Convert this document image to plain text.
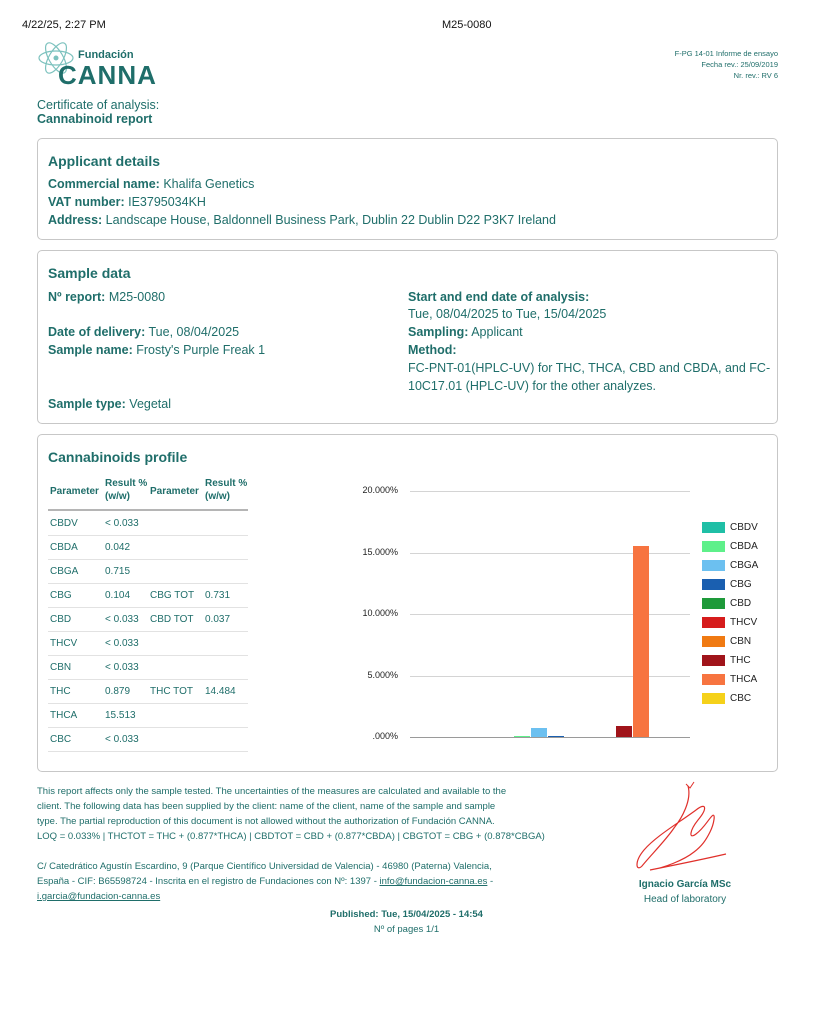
4/22/25, 2:27 PM	M25-0080
Fundación
CANNA
F-PG 14-01 Informe de ensayo
Fecha rev.: 25/09/2019
Nr. rev.: RV 6
Certificate of analysis:
Cannabinoid report
Applicant details
Commercial name: Khalifa Genetics
VAT number: IE3795034KH
Address: Landscape House, Baldonnell Business Park, Dublin 22 Dublin D22 P3K7 Ireland
Sample data
Nº report: M25-0080
Date of delivery: Tue, 08/04/2025
Sample name: Frosty's Purple Freak 1
Sample type: Vegetal
Start and end date of analysis:
Tue, 08/04/2025 to Tue, 15/04/2025
Sampling: Applicant
Method:
FC-PNT-01(HPLC-UV) for THC, THCA, CBD and CBDA, and FC-
10C17.01 (HPLC-UV) for the other analyzes.
Cannabinoids profile
Parameter
Result %
(w/w)	Parameter
Result %
(w/w)
CBDV	< 0.033
CBDA	0.042
CBGA	0.715
CBG	0.104 CBG TOT 0.731
CBD	< 0.033 CBD TOT 0.037
THCV	< 0.033
CBN	< 0.033
THC	0.879 THC TOT 14.484
THCA	15.513
CBC	< 0.033	.000%
5.000%
10.000%
15.000%
20.000%
CBDV
CBDA
CBGA
CBG
CBD
THCV
CBN
THC
THCA
CBC
This report affects only the sample tested. The uncertainties of the measures are calculated and available to the
client. The following data has been supplied by the client: name of the client, name of the sample and sample
type. The partial reproduction of this document is not allowed without the authorization of Fundación CANNA.
LOQ = 0.033% | THCTOT = THC + (0.877*THCA) | CBDTOT = CBD + (0.877*CBDA) | CBGTOT = CBG + (0.878*CBGA)
C/ Catedrático Agustín Escardino, 9 (Parque Científico Universidad de Valencia) - 46980 (Paterna) Valencia,
España - CIF: B65598724 - Inscrita en el registro de Fundaciones con Nº: 1397 - info@fundacion-canna.es -
i.garcia@fundacion-canna.es
Ignacio García MSc
Head of laboratory
Published: Tue, 15/04/2025 - 14:54
Nº of pages 1/1
